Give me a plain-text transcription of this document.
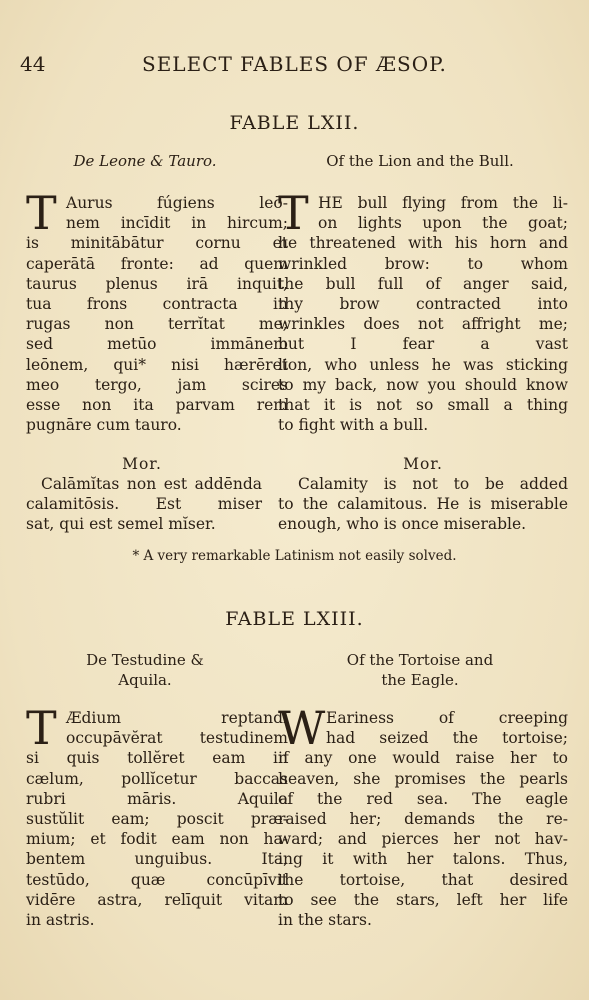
44	SELECT FABLES OF ÆSOP.
FABLE LXII.
De Leone & Tauro.	Of the Lion and the Bull.
T	T
Aurus fúgiens leō-
nem incīdit in hircum;
is minitābātur cornu et
caperātā fronte: ad quem
taurus plenus irā inquit,
tua frons contracta in
rugas non terrĭtat me;
sed metūo immānem
leōnem, qui* nisi hærēret
meo tergo, jam scires
esse non ita parvam rem
pugnāre cum tauro.
HE bull flying from the li-
on lights upon the goat;
he threatened with his horn and
wrinkled brow: to whom
the bull full of anger said,
thy brow contracted into
wrinkles does not affright me;
but I fear a vast
lion, who unless he was sticking
to my back, now you should know
that it is not so small a thing
to fight with a bull.
Mor.	Mor.
Calāmĭtas non est addēnda
calamitōsis. Est miser
sat, qui est semel mĭser.
Calamity is not to be added
to the calamitous. He is miserable
enough, who is once miserable.
* A very remarkable Latinism not easily solved.
FABLE LXIII.
De Testudine &
Aquila.
Of the Tortoise and
the Eagle.
T	W
Ædium reptandi
occupāvĕrat testudinem
si quis tollĕret eam in
cælum, pollĭcetur baccas
rubri māris. Aquila
sustŭlit eam; poscit præ-
mium; et fodit eam non ha-
bentem unguibus. Ita,
testūdo, quæ concūpīvit
vidēre astra, relīquit vitam
in astris.
Eariness of creeping
had seized the tortoise;
if any one would raise her to
heaven, she promises the pearls
of the red sea. The eagle
raised her; demands the re-
ward; and pierces her not hav-
ing it with her talons. Thus,
the tortoise, that desired
to see the stars, left her life
in the stars.
